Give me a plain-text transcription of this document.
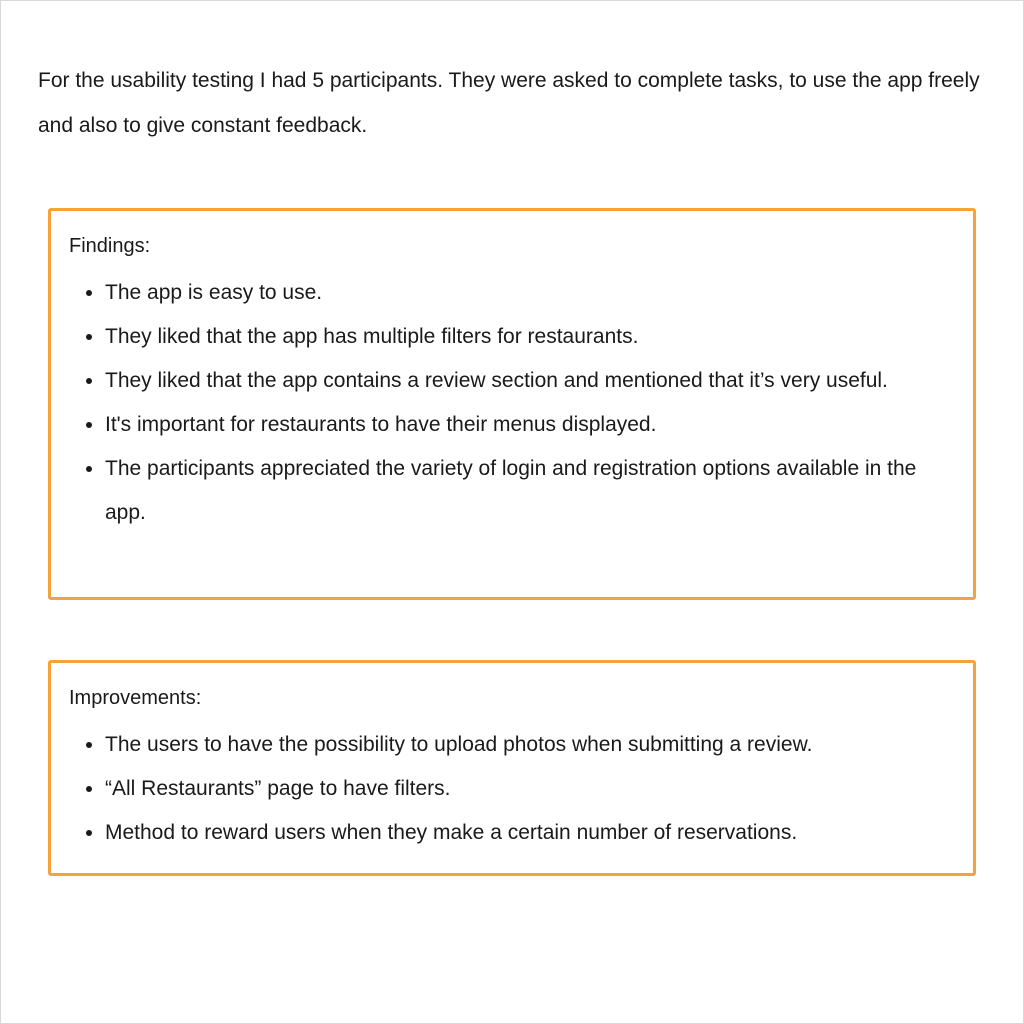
For the usability testing I had 5 participants. They were asked to complete tasks, to use the app freely and also to give constant feedback.

Findings:
• The app is easy to use.
• They liked that the app has multiple filters for restaurants.
• They liked that the app contains a review section and mentioned that it’s very useful.
• It's important for restaurants to have their menus displayed.
• The participants appreciated the variety of login and registration options available in the app.
Improvements:
• The users to have the possibility to upload photos when submitting a review.
• “All Restaurants” page to have filters.
• Method to reward users when they make a certain number of reservations.
